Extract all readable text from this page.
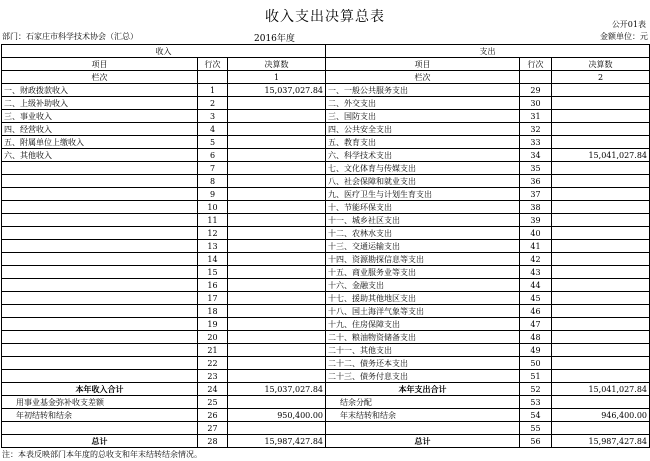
收入支出决算总表	公开01表
部门：石家庄市科学技术协会（汇总）	2016年度	金额单位：元
收入			支出		
项目	行次	决算数	项目	行次	决算数
栏次		1	栏次		2
一、财政拨款收入	1	15,037,027.84	一、一般公共服务支出	29	
二、上级补助收入	2		二、外交支出	30	
三、事业收入	3		三、国防支出	31	
四、经营收入	4		四、公共安全支出	32	
五、附属单位上缴收入	5		五、教育支出	33	
六、其他收入	6		六、科学技术支出	34	15,041,027.84
	7		七、文化体育与传媒支出	35	
	8		八、社会保障和就业支出	36	
	9		九、医疗卫生与计划生育支出	37	
	10		十、节能环保支出	38	
	11		十一、城乡社区支出	39	
	12		十二、农林水支出	40	
	13		十三、交通运输支出	41	
	14		十四、资源勘探信息等支出	42	
	15		十五、商业服务业等支出	43	
	16		十六、金融支出	44	
	17		十七、援助其他地区支出	45	
	18		十八、国土海洋气象等支出	46	
	19		十九、住房保障支出	47	
	20		二十、粮油物资储备支出	48	
	21		二十一、其他支出	49	
	22		二十二、债务还本支出	50	
	23		二十三、债务付息支出	51	
本年收入合计	24	15,037,027.84	本年支出合计	52	15,041,027.84
用事业基金弥补收支差额	25		结余分配	53	
年初结转和结余	26	950,400.00	年末结转和结余	54	946,400.00
	27			55	
总计	28	15,987,427.84	总计	56	15,987,427.84
注：本表反映部门本年度的总收支和年末结转结余情况。
